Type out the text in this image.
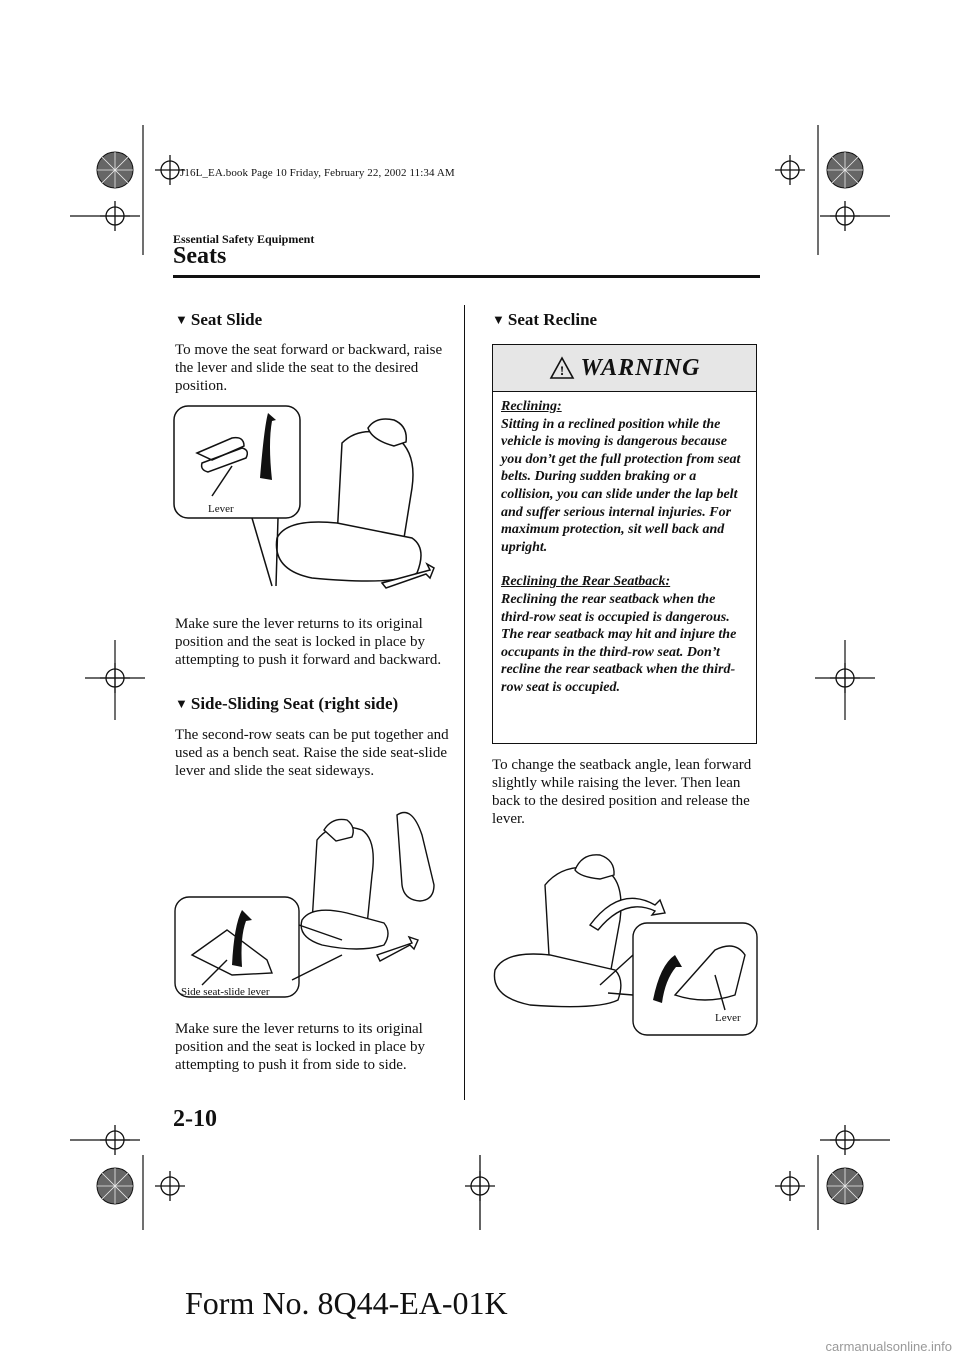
J16L_EA.book Page 10 Friday, February 22, 2002 11:34 AM
Essential Safety Equipment
Seats
▼ Seat Slide

To move the seat forward or backward, raise the lever and slide the seat to the desired position.

Lever

Make sure the lever returns to its original position and the seat is locked in place by attempting to push it forward and backward.

▼ Side-Sliding Seat (right side)

The second-row seats can be put together and used as a bench seat. Raise the side seat-slide lever and slide the seat sideways.

Side seat-slide lever

Make sure the lever returns to its original position and the seat is locked in place by attempting to push it from side to side.

▼ Seat Recline
! WARNING

Reclining:

Sitting in a reclined position while the vehicle is moving is dangerous because you don’t get the full protection from seat belts. During sudden braking or a collision, you can slide under the lap belt and suffer serious internal injuries. For maximum protection, sit well back and upright.

Reclining the Rear Seatback:

Reclining the rear seatback when the third-row seat is occupied is dangerous. The rear seatback may hit and injure the occupants in the third-row seat. Don’t recline the rear seatback when the third-row seat is occupied.

To change the seatback angle, lean forward slightly while raising the lever. Then lean back to the desired position and release the lever.

Lever
2-10
Form No. 8Q44-EA-01K
carmanualsonline.info
